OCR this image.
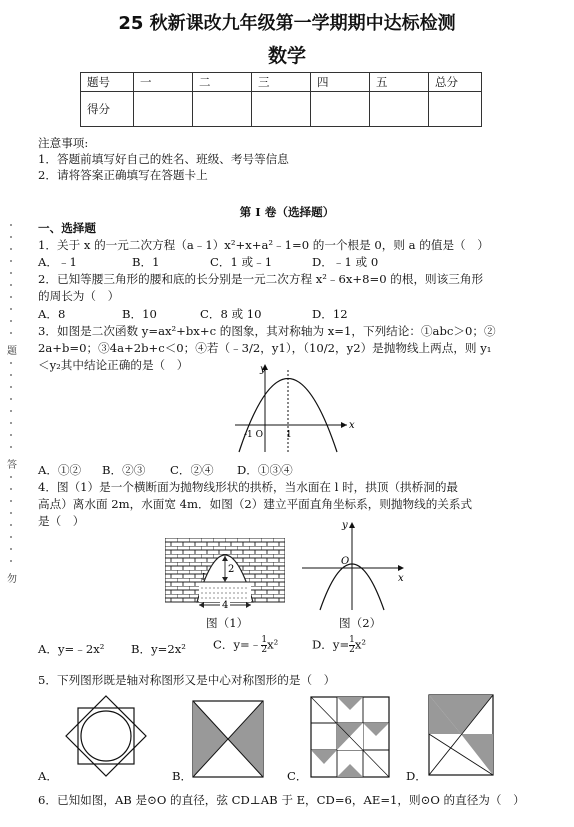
25 秋新课改九年级第一学期期中达标检测
数学
题号	一	二	三	四	五	总分
得分						
注意事项:
1．答题前填写好自己的姓名、班级、考号等信息
2．请将答案正确填写在答题卡上
第 I 卷（选择题）
一、选择题
题
答
勿
1．关于 x 的一元二次方程（a﹣1）x²+x+a²﹣1=0 的一个根是 0，则 a 的值是（　）
A．﹣1	B．1	C．1 或﹣1	D．﹣1 或 0
2．已知等腰三角形的腰和底的长分别是一元二次方程 x²﹣6x+8=0 的根，则该三角形
的周长为（　）
A．8	B．10	C．8 或 10	D．12
3．如图是二次函数 y=ax²+bx+c 的图象，其对称轴为 x=1，下列结论：①abc＞0；②
2a+b=0；③4a+2b+c＜0；④若（﹣3/2，y1），（10/2，y2）是抛物线上两点，则 y₁
＜y₂其中结论正确的是（　）	y
x
-1 O	1
A．①② B．②③ C．②④ D．①③④
4．图（1）是一个横断面为抛物线形状的拱桥，当水面在 l 时，拱顶（拱桥洞的最
高点）离水面 2m，水面宽 4m．如图（2）建立平面直角坐标系，则抛物线的关系式
是（　）
2
l
4
图（1）
y
x
O
图（2）
A．y=﹣2x² B．y=2x² C．y=﹣ $\frac{1}{2} x^2$	D．$y= \frac{1}{2} x^2$
5．下列图形既是轴对称图形又是中心对称图形的是（　）
A．	B．	C．	D．
6．已知如图，AB 是⊙O 的直径，弦 CD⊥AB 于 E，CD=6，AE=1，则⊙O 的直径为（　）
